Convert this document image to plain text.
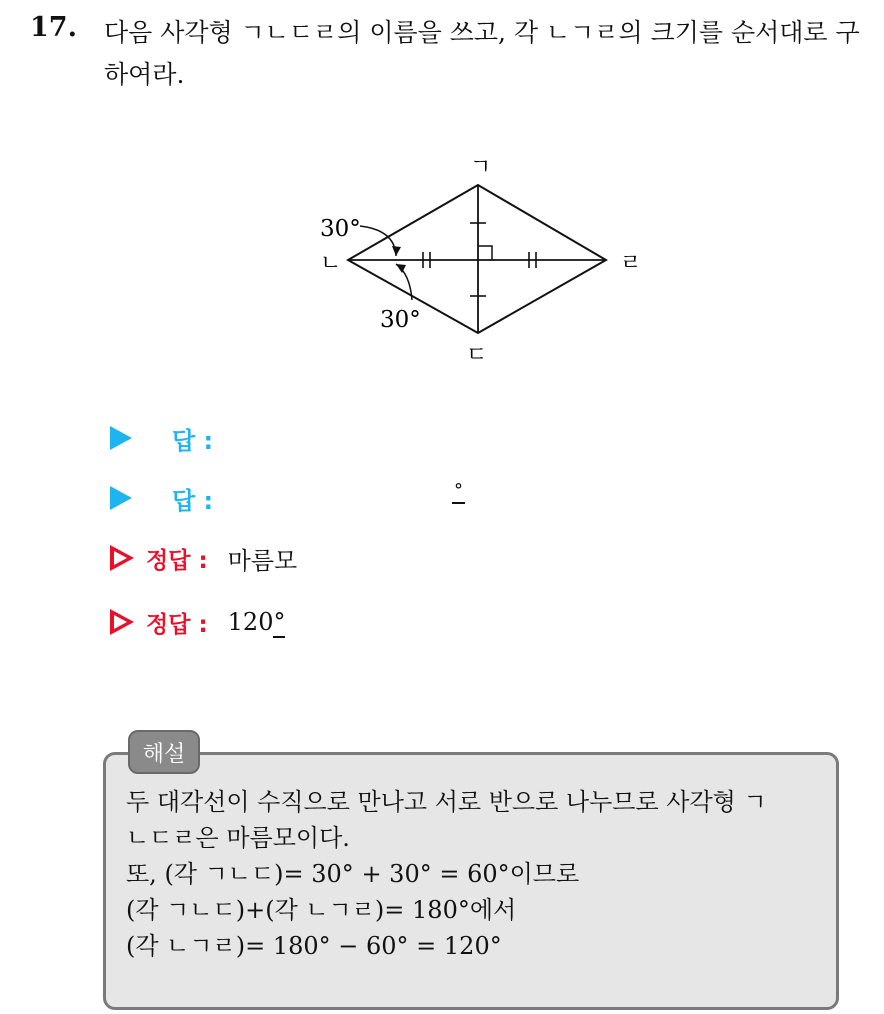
17. 다음 사각형 ㄱㄴㄷㄹ의 이름을 쓰고, 각 ㄴㄱㄹ의 크기를 순서대로 구하여라.
ㄱ
ㄴ
ㄷ
ㄹ
30°
30°
답 :
답 :	°
정답 : 마름모
정답 : 120°
해설
두 대각선이 수직으로 만나고 서로 반으로 나누므로 사각형 ㄱ
ㄴㄷㄹ은 마름모이다.
또, (각 ㄱㄴㄷ)= 30° + 30° = 60°이므로
(각 ㄱㄴㄷ)+(각 ㄴㄱㄹ)= 180°에서
(각 ㄴㄱㄹ)= 180° − 60° = 120°
